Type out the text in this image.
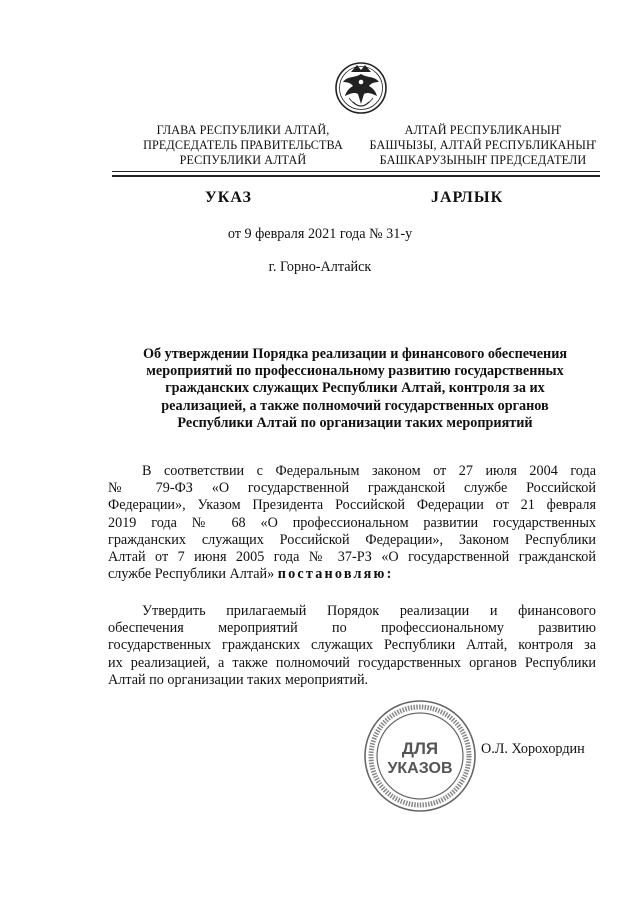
ГЛАВА РЕСПУБЛИКИ АЛТАЙ,
ПРЕДСЕДАТЕЛЬ ПРАВИТЕЛЬСТВА
РЕСПУБЛИКИ АЛТАЙ
АЛТАЙ РЕСПУБЛИКАНЫҤ
БАШЧЫЗЫ, АЛТАЙ РЕСПУБЛИКАНЫҤ
БАШКАРУЗЫНЫҤ ПРЕДСЕДАТЕЛИ
УКАЗ	ЈАРЛЫК
от 9 февраля 2021 года № 31-у
г. Горно-Алтайск
Об утверждении Порядка реализации и финансового обеспечения
мероприятий по профессиональному развитию государственных
гражданских служащих Республики Алтай, контроля за их
реализацией, а также полномочий государственных органов
Республики Алтай по организации таких мероприятий
В соответствии с Федеральным законом от 27 июля 2004 года
№ 79-ФЗ «О государственной гражданской службе Российской
Федерации», Указом Президента Российской Федерации от 21 февраля
2019 года № 68 «О профессиональном развитии государственных
гражданских служащих Российской Федерации», Законом Республики
Алтай от 7 июня 2005 года № 37-РЗ «О государственной гражданской
службе Республики Алтай» постановляю:
Утвердить прилагаемый Порядок реализации и финансового
обеспечения мероприятий по профессиональному развитию
государственных гражданских служащих Республики Алтай, контроля за
их реализацией, а также полномочий государственных органов Республики
Алтай по организации таких мероприятий.
ДЛЯ
УКАЗОВ
О.Л. Хорохордин
